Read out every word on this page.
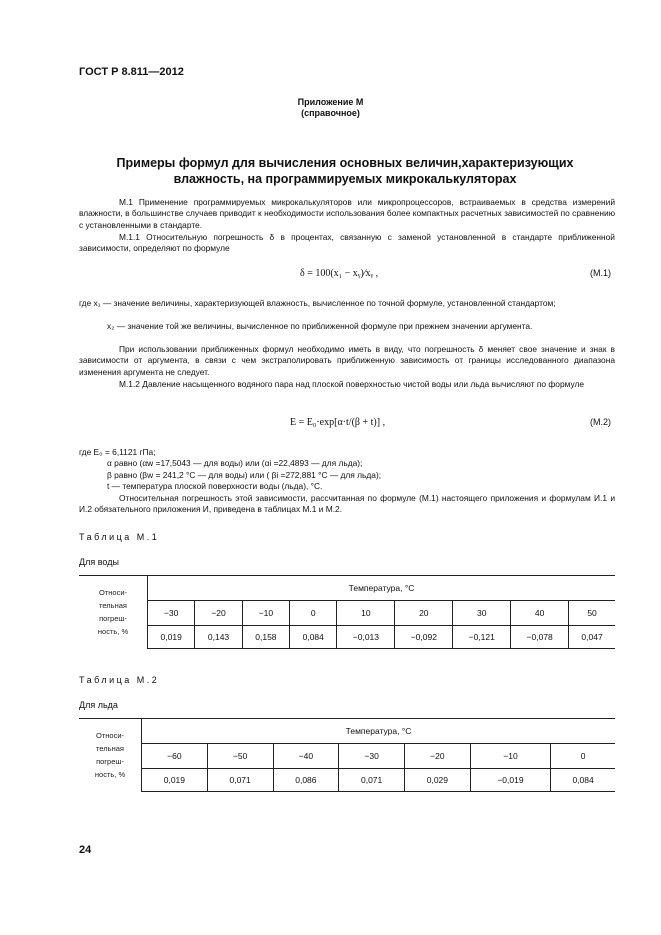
ГОСТ Р 8.811—2012
Приложение М
(справочное)
Примеры формул для вычисления основных величин,характеризующих
влажность, на программируемых микрокалькуляторах
М.1 Применение программируемых микрокалькуляторов или микропроцессоров, встраиваемых в средства измерений влажности, в большинстве случаев приводит к необходимости использования более компактных расчетных зависимостей по сравнению с установленными в стандарте.
М.1.1 Относительную погрешность δ в процентах, связанную с заменой установленной в стандарте приближенной зависимости, определяют по формуле
δ = 100(x₁ − xᵧ)⁄xᵧ ,	(М.1)
где x₁ — значение величины, характеризующей влажность, вычисленное по точной формуле, установленной стандартом;
x₂ — значение той же величины, вычисленное по приближенной формуле при прежнем значении аргумента.
При использовании приближенных формул необходимо иметь в виду, что погрешность δ меняет свое значение и знак в зависимости от аргумента, в связи с чем экстраполировать приближенную зависимость от границы исследованного диапазона изменения аргумента не следует.
М.1.2 Давление насыщенного водяного пара над плоской поверхностью чистой воды или льда вычисляют по формуле
E = E₀·exp[α·t/(β + t)] ,	(М.2)
где E₀ = 6,1121 гПа;
α равно (αw =17,5043 — для воды) или (αi =22,4893 — для льда);
β равно (βw = 241,2 °C — для воды) или ( βi =272,881 °C — для льда);
t — температура плоской поверхности воды (льда), °С.
Относительная погрешность этой зависимости, рассчитанная по формуле (М.1) настоящего приложения и формулам И.1 и И.2 обязательного приложения И, приведена в таблицах М.1 и М.2.
Таблица М.1
Для воды
Относи-
тельная
погреш-
ность, %	Температура, °С								
	−30	−20	−10	0	10	20	30	40	50
	0,019	0,143	0,158	0,084	−0,013	−0,092	−0,121	−0,078	0,047
Таблица М.2
Для льда
Относи-
тельная
погреш-
ность, %	Температура, °С						
	−60	−50	−40	−30	−20	−10	0
	0,019	0,071	0,086	0,071	0,029	−0,019	0,084
24
